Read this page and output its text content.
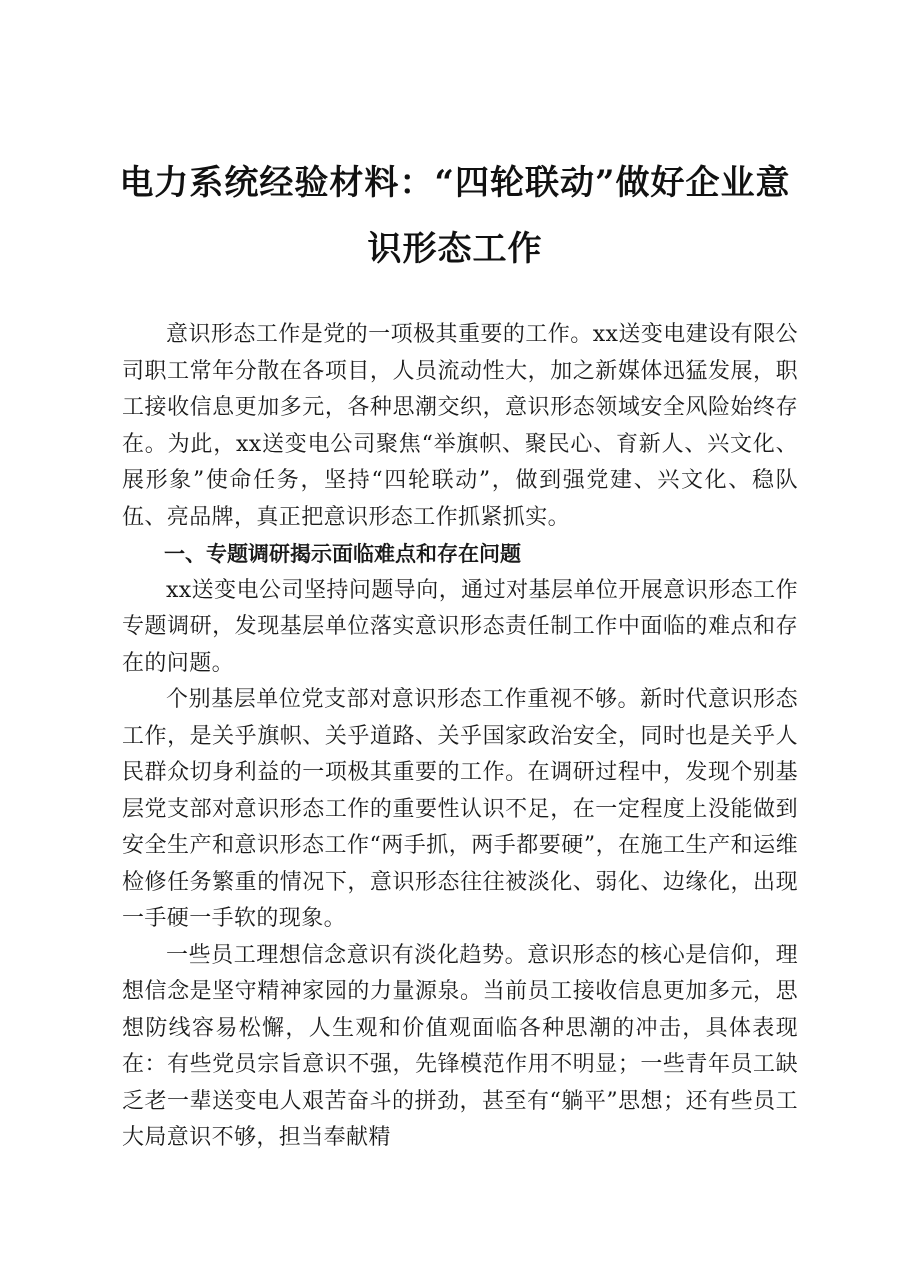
电力系统经验材料：“四轮联动”做好企业意
识形态工作

意识形态工作是党的一项极其重要的工作。xx送变电建设有限公司职工常年分散在各项目，人员流动性大，加之新媒体迅猛发展，职工接收信息更加多元，各种思潮交织，意识形态领域安全风险始终存在。为此，xx送变电公司聚焦“举旗帜、聚民心、育新人、兴文化、展形象”使命任务，坚持“四轮联动”，做到强党建、兴文化、稳队伍、亮品牌，真正把意识形态工作抓紧抓实。

一、专题调研揭示面临难点和存在问题

xx送变电公司坚持问题导向，通过对基层单位开展意识形态工作专题调研，发现基层单位落实意识形态责任制工作中面临的难点和存在的问题。

个别基层单位党支部对意识形态工作重视不够。新时代意识形态工作，是关乎旗帜、关乎道路、关乎国家政治安全，同时也是关乎人民群众切身利益的一项极其重要的工作。在调研过程中，发现个别基层党支部对意识形态工作的重要性认识不足，在一定程度上没能做到安全生产和意识形态工作“两手抓，两手都要硬”，在施工生产和运维检修任务繁重的情况下，意识形态往往被淡化、弱化、边缘化，出现一手硬一手软的现象。

一些员工理想信念意识有淡化趋势。意识形态的核心是信仰，理想信念是坚守精神家园的力量源泉。当前员工接收信息更加多元，思想防线容易松懈，人生观和价值观面临各种思潮的冲击，具体表现在：有些党员宗旨意识不强，先锋模范作用不明显；一些青年员工缺乏老一辈送变电人艰苦奋斗的拼劲，甚至有“躺平”思想；还有些员工大局意识不够，担当奉献精
